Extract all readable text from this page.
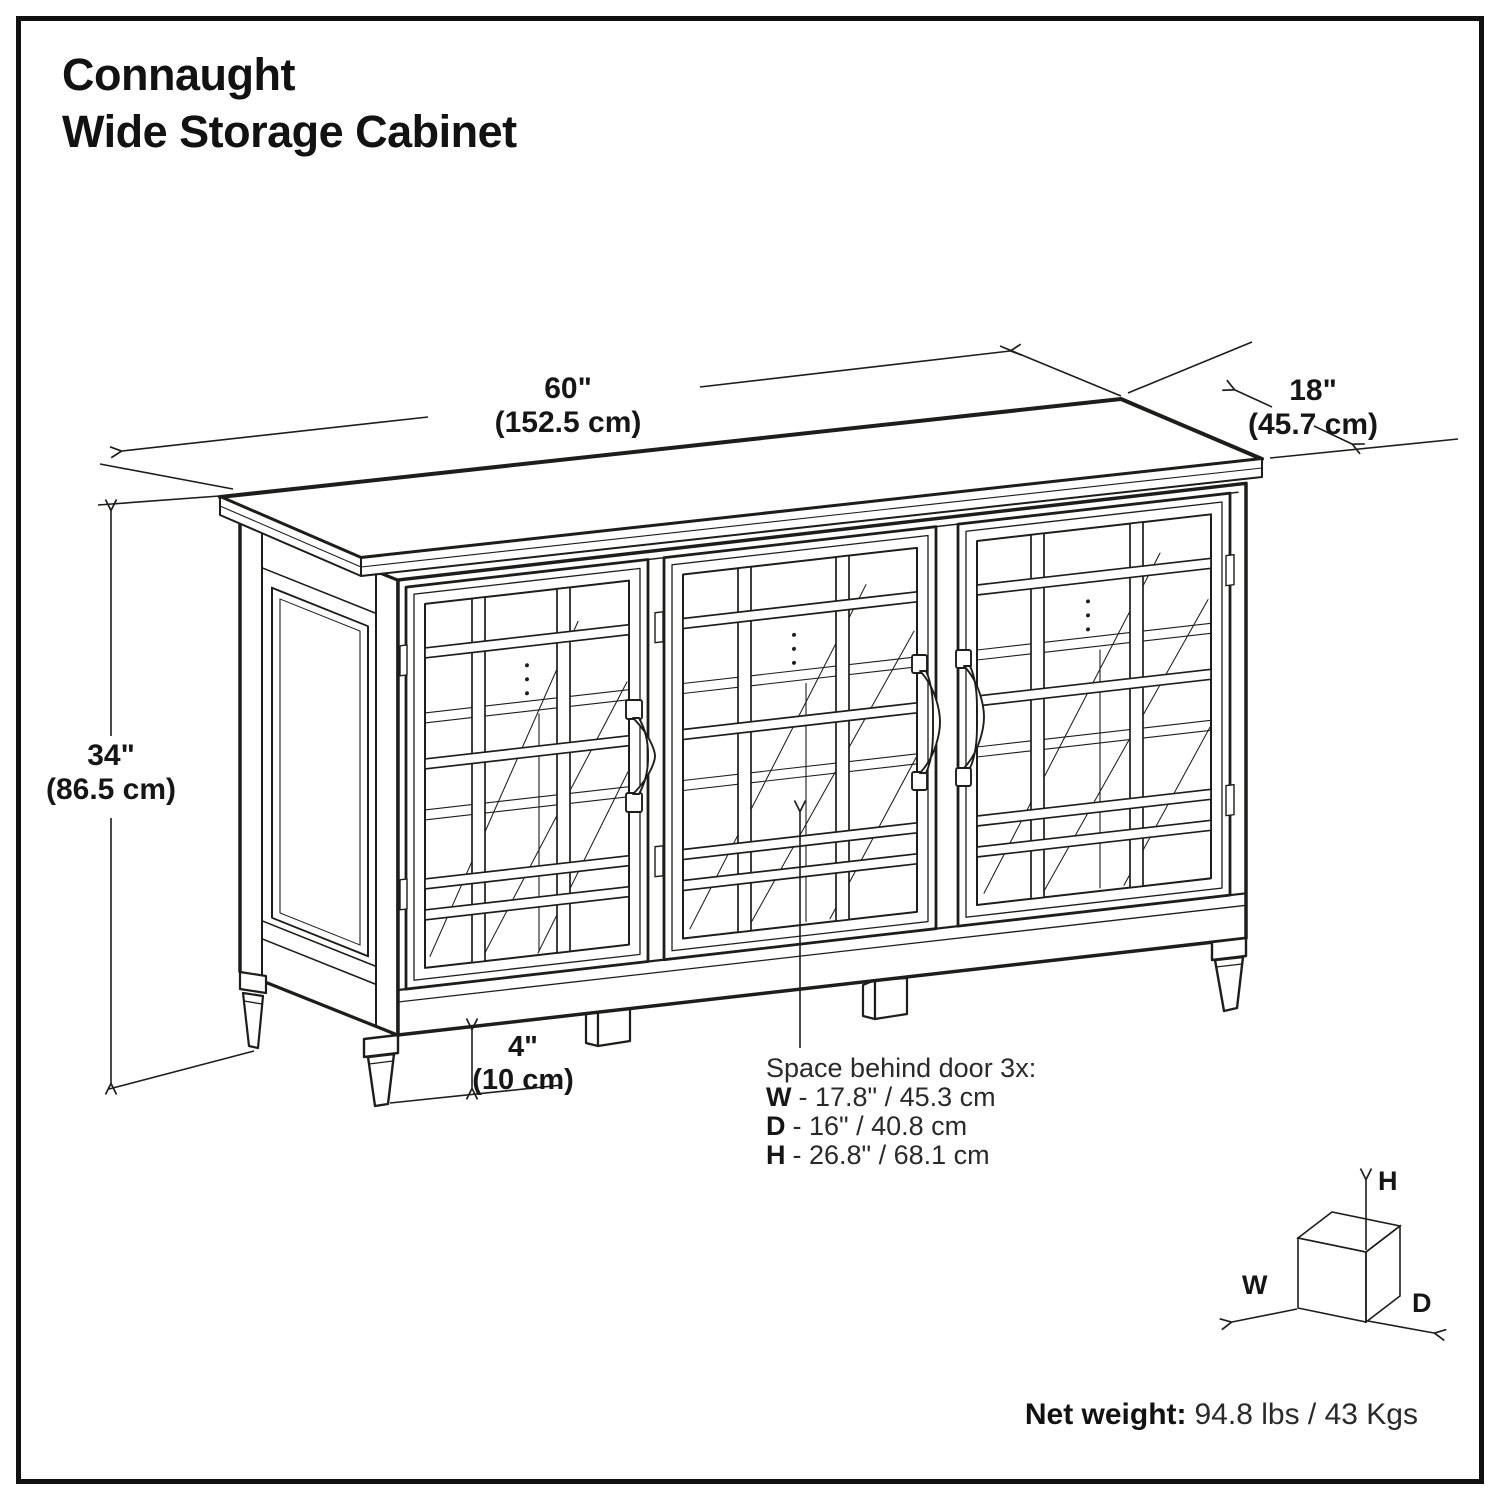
Connaught
Wide Storage Cabinet
60"
(152.5 cm)
18"
(45.7 cm)
34"
(86.5 cm)
4"
(10 cm)	Space behind door 3x:
W - 17.8" / 45.3 cm
D - 16" / 40.8 cm
H - 26.8" / 68.1 cm
Net weight: 94.8 lbs / 43 Kgs
H
W
D
